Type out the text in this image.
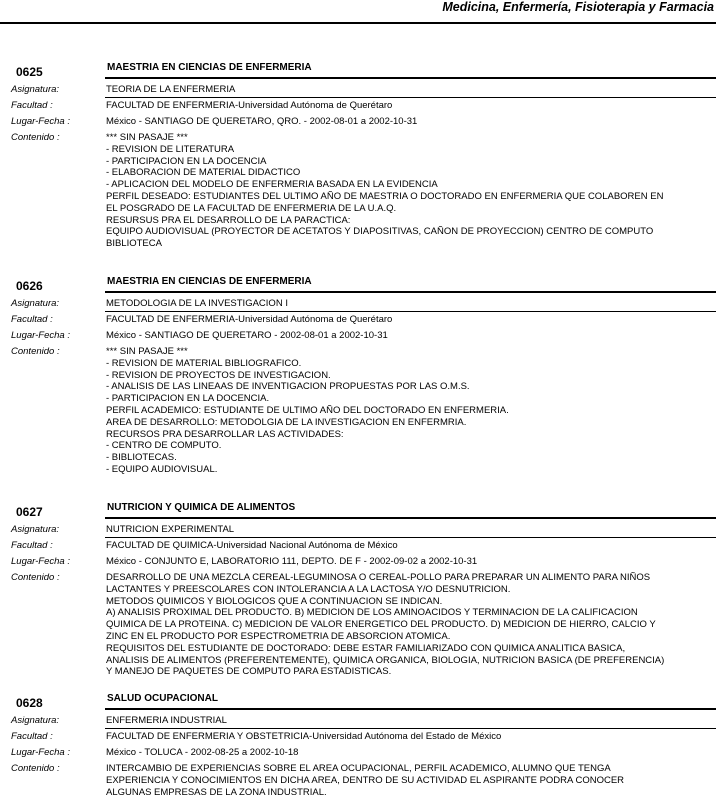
Medicina, Enfermería, Fisioterapia y Farmacia
0625	MAESTRIA EN CIENCIAS DE ENFERMERIA
Asignatura:	TEORIA DE LA ENFERMERIA
Facultad :	FACULTAD DE ENFERMERIA-Universidad Autónoma de Querétaro
Lugar-Fecha :	México - SANTIAGO DE QUERETARO, QRO. - 2002-08-01 a 2002-10-31
Contenido :	*** SIN PASAJE ***
- REVISION DE LITERATURA
- PARTICIPACION EN LA DOCENCIA
- ELABORACION DE MATERIAL DIDACTICO
- APLICACION DEL MODELO DE ENFERMERIA BASADA EN LA EVIDENCIA
PERFIL DESEADO: ESTUDIANTES DEL ULTIMO AÑO DE MAESTRIA O DOCTORADO EN ENFERMERIA QUE COLABOREN EN
EL POSGRADO DE LA FACULTAD DE ENFERMERIA DE LA U.A.Q.
RESURSUS PRA EL DESARROLLO DE LA PARACTICA:
EQUIPO AUDIOVISUAL (PROYECTOR DE ACETATOS Y DIAPOSITIVAS, CAÑON DE PROYECCION) CENTRO DE COMPUTO
BIBLIOTECA
0626	MAESTRIA EN CIENCIAS DE ENFERMERIA
Asignatura:	METODOLOGIA DE LA INVESTIGACION I
Facultad :	FACULTAD DE ENFERMERIA-Universidad Autónoma de Querétaro
Lugar-Fecha :	México - SANTIAGO DE QUERETARO - 2002-08-01 a 2002-10-31
Contenido :	*** SIN PASAJE ***
- REVISION DE MATERIAL BIBLIOGRAFICO.
- REVISION DE PROYECTOS DE INVESTIGACION.
- ANALISIS DE LAS LINEAAS DE INVENTIGACION PROPUESTAS POR LAS O.M.S.
- PARTICIPACION EN LA DOCENCIA.
PERFIL ACADEMICO: ESTUDIANTE DE ULTIMO AÑO DEL DOCTORADO EN ENFERMERIA.
AREA DE DESARROLLO: METODOLGIA DE LA INVESTIGACION EN ENFERMRIA.
RECURSOS PRA DESARROLLAR LAS ACTIVIDADES:
- CENTRO DE COMPUTO.
- BIBLIOTECAS.
- EQUIPO AUDIOVISUAL.
0627	NUTRICION Y QUIMICA DE ALIMENTOS
Asignatura:	NUTRICION EXPERIMENTAL
Facultad :	FACULTAD DE QUIMICA-Universidad Nacional Autónoma de México
Lugar-Fecha :	México - CONJUNTO E, LABORATORIO 111, DEPTO. DE F - 2002-09-02 a 2002-10-31
Contenido :	DESARROLLO DE UNA MEZCLA CEREAL-LEGUMINOSA O CEREAL-POLLO PARA PREPARAR UN ALIMENTO PARA NIÑOS
LACTANTES Y PREESCOLARES CON INTOLERANCIA A LA LACTOSA Y/O DESNUTRICION.
METODOS QUIMICOS Y BIOLOGICOS QUE A CONTINUACION SE INDICAN.
A) ANALISIS PROXIMAL DEL PRODUCTO. B) MEDICION DE LOS AMINOACIDOS Y TERMINACION DE LA CALIFICACION
QUIMICA DE LA PROTEINA. C) MEDICION DE VALOR ENERGETICO DEL PRODUCTO. D) MEDICION DE HIERRO, CALCIO Y
ZINC EN EL PRODUCTO POR ESPECTROMETRIA DE ABSORCION ATOMICA.
REQUISITOS DEL ESTUDIANTE DE DOCTORADO: DEBE ESTAR FAMILIARIZADO CON QUIMICA ANALITICA BASICA,
ANALISIS DE ALIMENTOS (PREFERENTEMENTE), QUIMICA ORGANICA, BIOLOGIA, NUTRICION BASICA (DE PREFERENCIA)
Y MANEJO DE PAQUETES DE COMPUTO PARA ESTADISTICAS.
0628	SALUD OCUPACIONAL
Asignatura:	ENFERMERIA INDUSTRIAL
Facultad :	FACULTAD DE ENFERMERIA Y OBSTETRICIA-Universidad Autónoma del Estado de México
Lugar-Fecha :	México - TOLUCA - 2002-08-25 a 2002-10-18
Contenido :	INTERCAMBIO DE EXPERIENCIAS SOBRE EL AREA OCUPACIONAL, PERFIL ACADEMICO, ALUMNO QUE TENGA
EXPERIENCIA Y CONOCIMIENTOS EN DICHA AREA, DENTRO DE SU ACTIVIDAD EL ASPIRANTE PODRA CONOCER
ALGUNAS EMPRESAS DE LA ZONA INDUSTRIAL.
